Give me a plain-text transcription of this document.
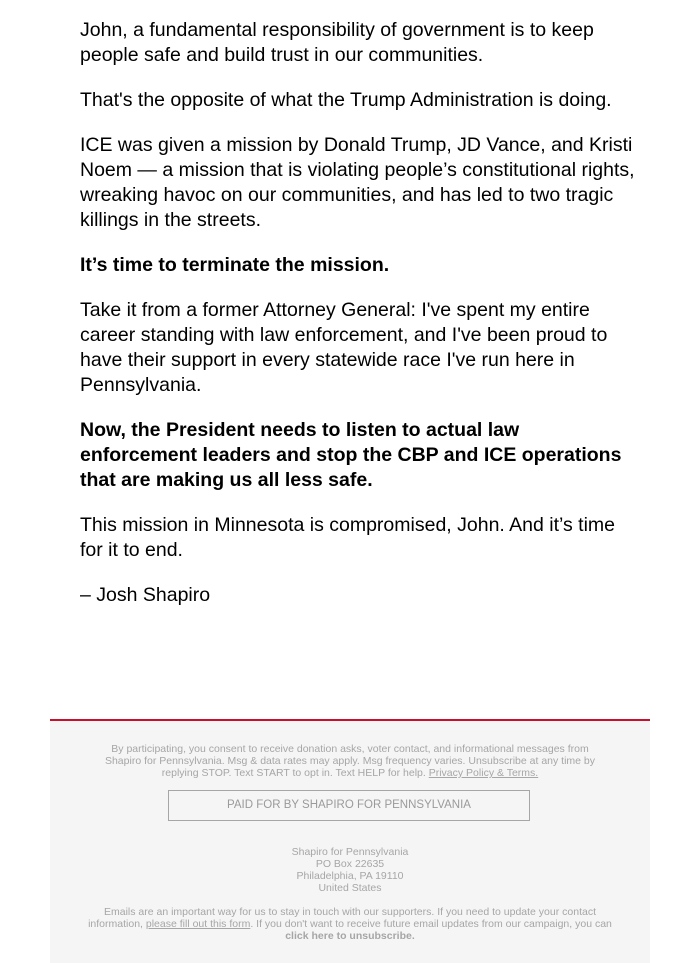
John, a fundamental responsibility of government is to keep people safe and build trust in our communities.

That's the opposite of what the Trump Administration is doing.

ICE was given a mission by Donald Trump, JD Vance, and Kristi Noem — a mission that is violating people’s constitutional rights, wreaking havoc on our communities, and has led to two tragic killings in the streets.

It’s time to terminate the mission.

Take it from a former Attorney General: I've spent my entire career standing with law enforcement, and I've been proud to have their support in every statewide race I've run here in Pennsylvania.

Now, the President needs to listen to actual law enforcement leaders and stop the CBP and ICE operations that are making us all less safe.

This mission in Minnesota is compromised, John. And it’s time for it to end.

– Josh Shapiro

By participating, you consent to receive donation asks, voter contact, and informational messages from Shapiro for Pennsylvania. Msg & data rates may apply. Msg frequency varies. Unsubscribe at any time by replying STOP. Text START to opt in. Text HELP for help. Privacy Policy & Terms.
PAID FOR BY SHAPIRO FOR PENNSYLVANIA
Shapiro for Pennsylvania
PO Box 22635
Philadelphia, PA 19110
United States
Emails are an important way for us to stay in touch with our supporters. If you need to update your contact information, please fill out this form. If you don't want to receive future email updates from our campaign, you can click here to unsubscribe.
